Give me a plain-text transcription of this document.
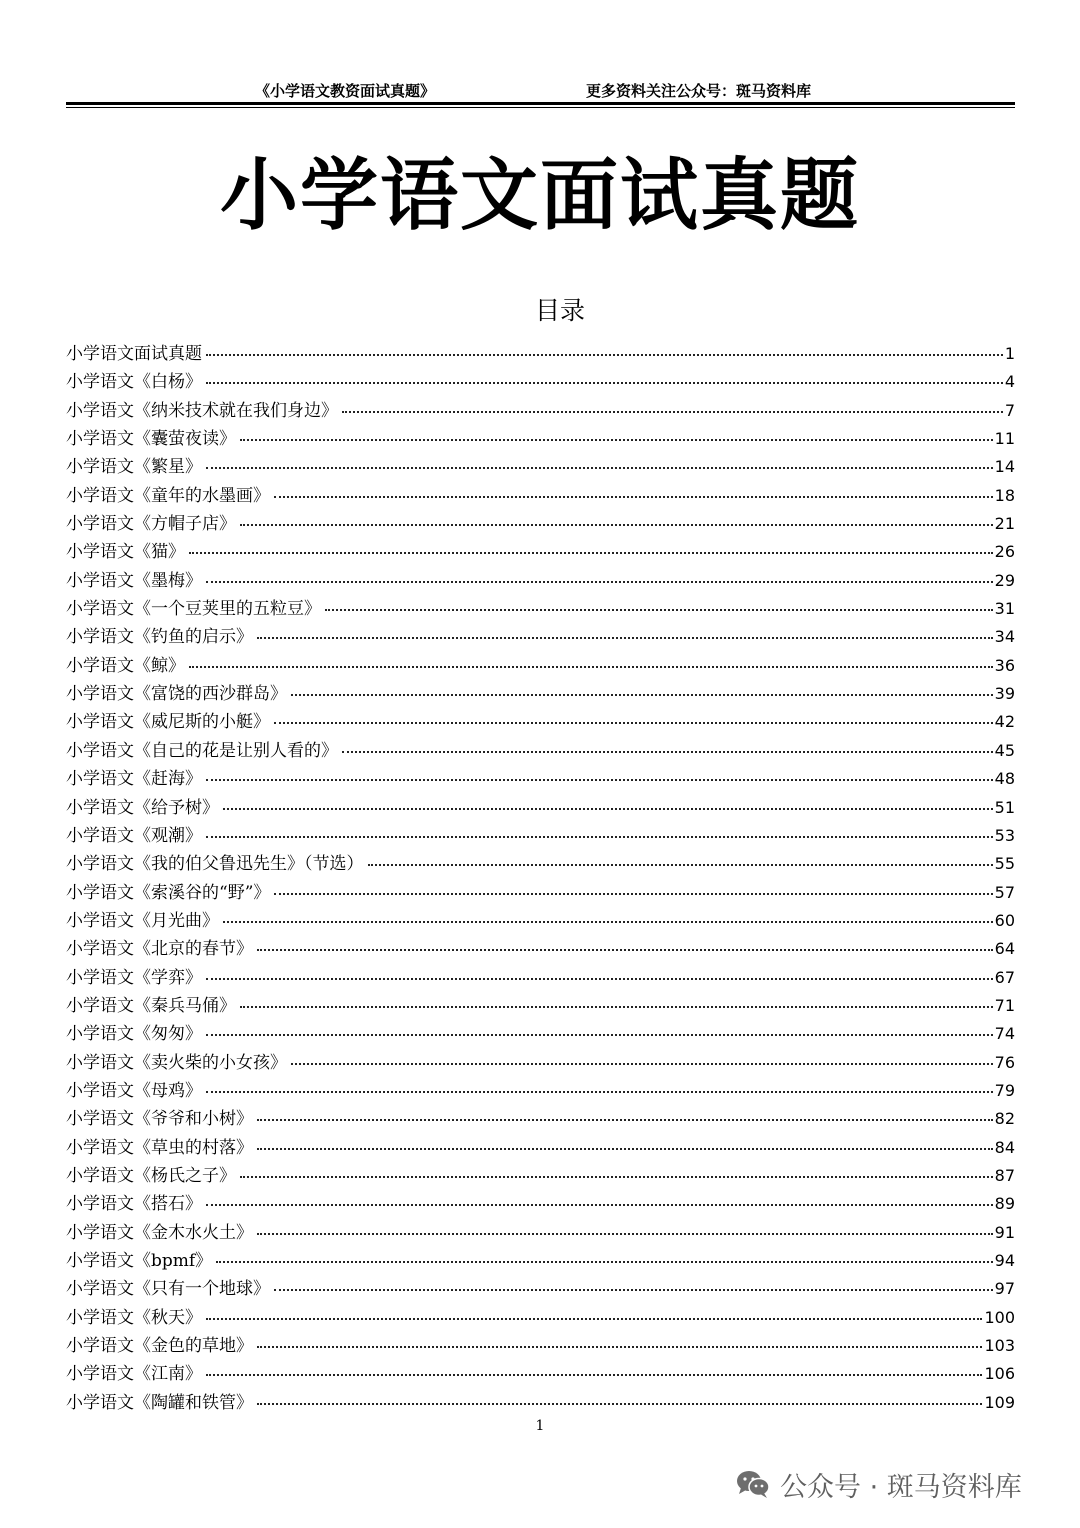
《小学语文教资面试真题》	更多资料关注公众号：斑马资料库
小学语文面试真题
目录
小学语文面试真题	1
小学语文《白杨》	4
小学语文《纳米技术就在我们身边》	7
小学语文《囊萤夜读》	11
小学语文《繁星》	14
小学语文《童年的水墨画》	18
小学语文《方帽子店》	21
小学语文《猫》	26
小学语文《墨梅》	29
小学语文《一个豆荚里的五粒豆》	31
小学语文《钓鱼的启示》	34
小学语文《鲸》	36
小学语文《富饶的西沙群岛》	39
小学语文《威尼斯的小艇》	42
小学语文《自己的花是让别人看的》	45
小学语文《赶海》	48
小学语文《给予树》	51
小学语文《观潮》	53
小学语文《我的伯父鲁迅先生》（节选）	55
小学语文《索溪谷的“野”》	57
小学语文《月光曲》	60
小学语文《北京的春节》	64
小学语文《学弈》	67
小学语文《秦兵马俑》	71
小学语文《匆匆》	74
小学语文《卖火柴的小女孩》	76
小学语文《母鸡》	79
小学语文《爷爷和小树》	82
小学语文《草虫的村落》	84
小学语文《杨氏之子》	87
小学语文《搭石》	89
小学语文《金木水火土》	91
小学语文《bpmf》	94
小学语文《只有一个地球》	97
小学语文《秋天》	100
小学语文《金色的草地》	103
小学语文《江南》	106
小学语文《陶罐和铁管》	109
1
公众号 · 斑马资料库
